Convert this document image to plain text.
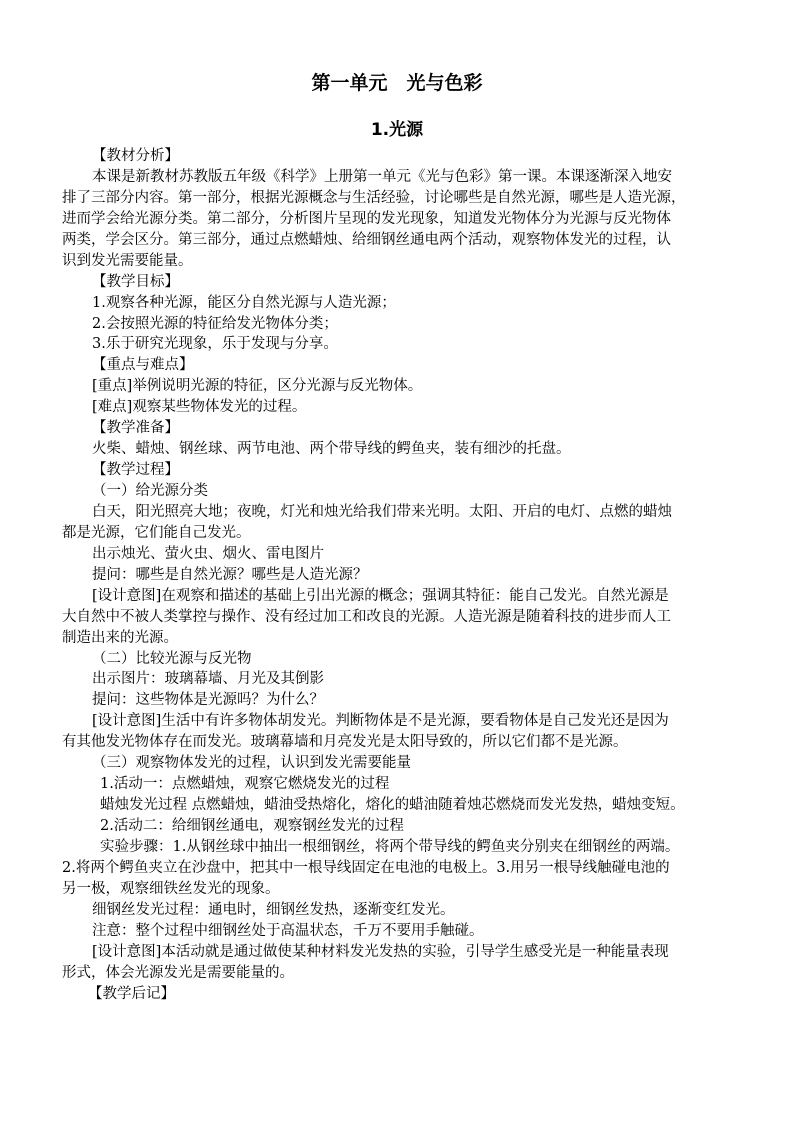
第一单元　光与色彩
1.光源
【教材分析】
本课是新教材苏教版五年级《科学》上册第一单元《光与色彩》第一课。本课逐渐深入地安
排了三部分内容。第一部分，根据光源概念与生活经验，讨论哪些是自然光源，哪些是人造光源，
进而学会给光源分类。第二部分，分析图片呈现的发光现象，知道发光物体分为光源与反光物体
两类，学会区分。第三部分，通过点燃蜡烛、给细钢丝通电两个活动，观察物体发光的过程，认
识到发光需要能量。
【教学目标】
1.观察各种光源，能区分自然光源与人造光源；
2.会按照光源的特征给发光物体分类；
3.乐于研究光现象，乐于发现与分享。
【重点与难点】
[重点]举例说明光源的特征，区分光源与反光物体。
[难点]观察某些物体发光的过程。
【教学准备】
火柴、蜡烛、钢丝球、两节电池、两个带导线的鳄鱼夹，装有细沙的托盘。
【教学过程】
（一）给光源分类
白天，阳光照亮大地；夜晚，灯光和烛光给我们带来光明。太阳、开启的电灯、点燃的蜡烛
都是光源，它们能自己发光。
出示烛光、萤火虫、烟火、雷电图片
提问：哪些是自然光源？哪些是人造光源？
[设计意图]在观察和描述的基础上引出光源的概念；强调其特征：能自己发光。自然光源是
大自然中不被人类掌控与操作、没有经过加工和改良的光源。人造光源是随着科技的进步而人工
制造出来的光源。
（二）比较光源与反光物
出示图片：玻璃幕墙、月光及其倒影
提问：这些物体是光源吗？为什么？
[设计意图]生活中有许多物体胡发光。判断物体是不是光源，要看物体是自己发光还是因为
有其他发光物体存在而发光。玻璃幕墙和月亮发光是太阳导致的，所以它们都不是光源。
（三）观察物体发光的过程，认识到发光需要能量
1.活动一：点燃蜡烛，观察它燃烧发光的过程
蜡烛发光过程 点燃蜡烛，蜡油受热熔化，熔化的蜡油随着烛芯燃烧而发光发热，蜡烛变短。
2.活动二：给细钢丝通电，观察钢丝发光的过程
实验步骤：1.从钢丝球中抽出一根细钢丝，将两个带导线的鳄鱼夹分别夹在细钢丝的两端。
2.将两个鳄鱼夹立在沙盘中，把其中一根导线固定在电池的电极上。3.用另一根导线触碰电池的
另一极，观察细铁丝发光的现象。
细钢丝发光过程：通电时，细钢丝发热，逐渐变红发光。
注意：整个过程中细钢丝处于高温状态，千万不要用手触碰。
[设计意图]本活动就是通过做使某种材料发光发热的实验，引导学生感受光是一种能量表现
形式，体会光源发光是需要能量的。
【教学后记】
